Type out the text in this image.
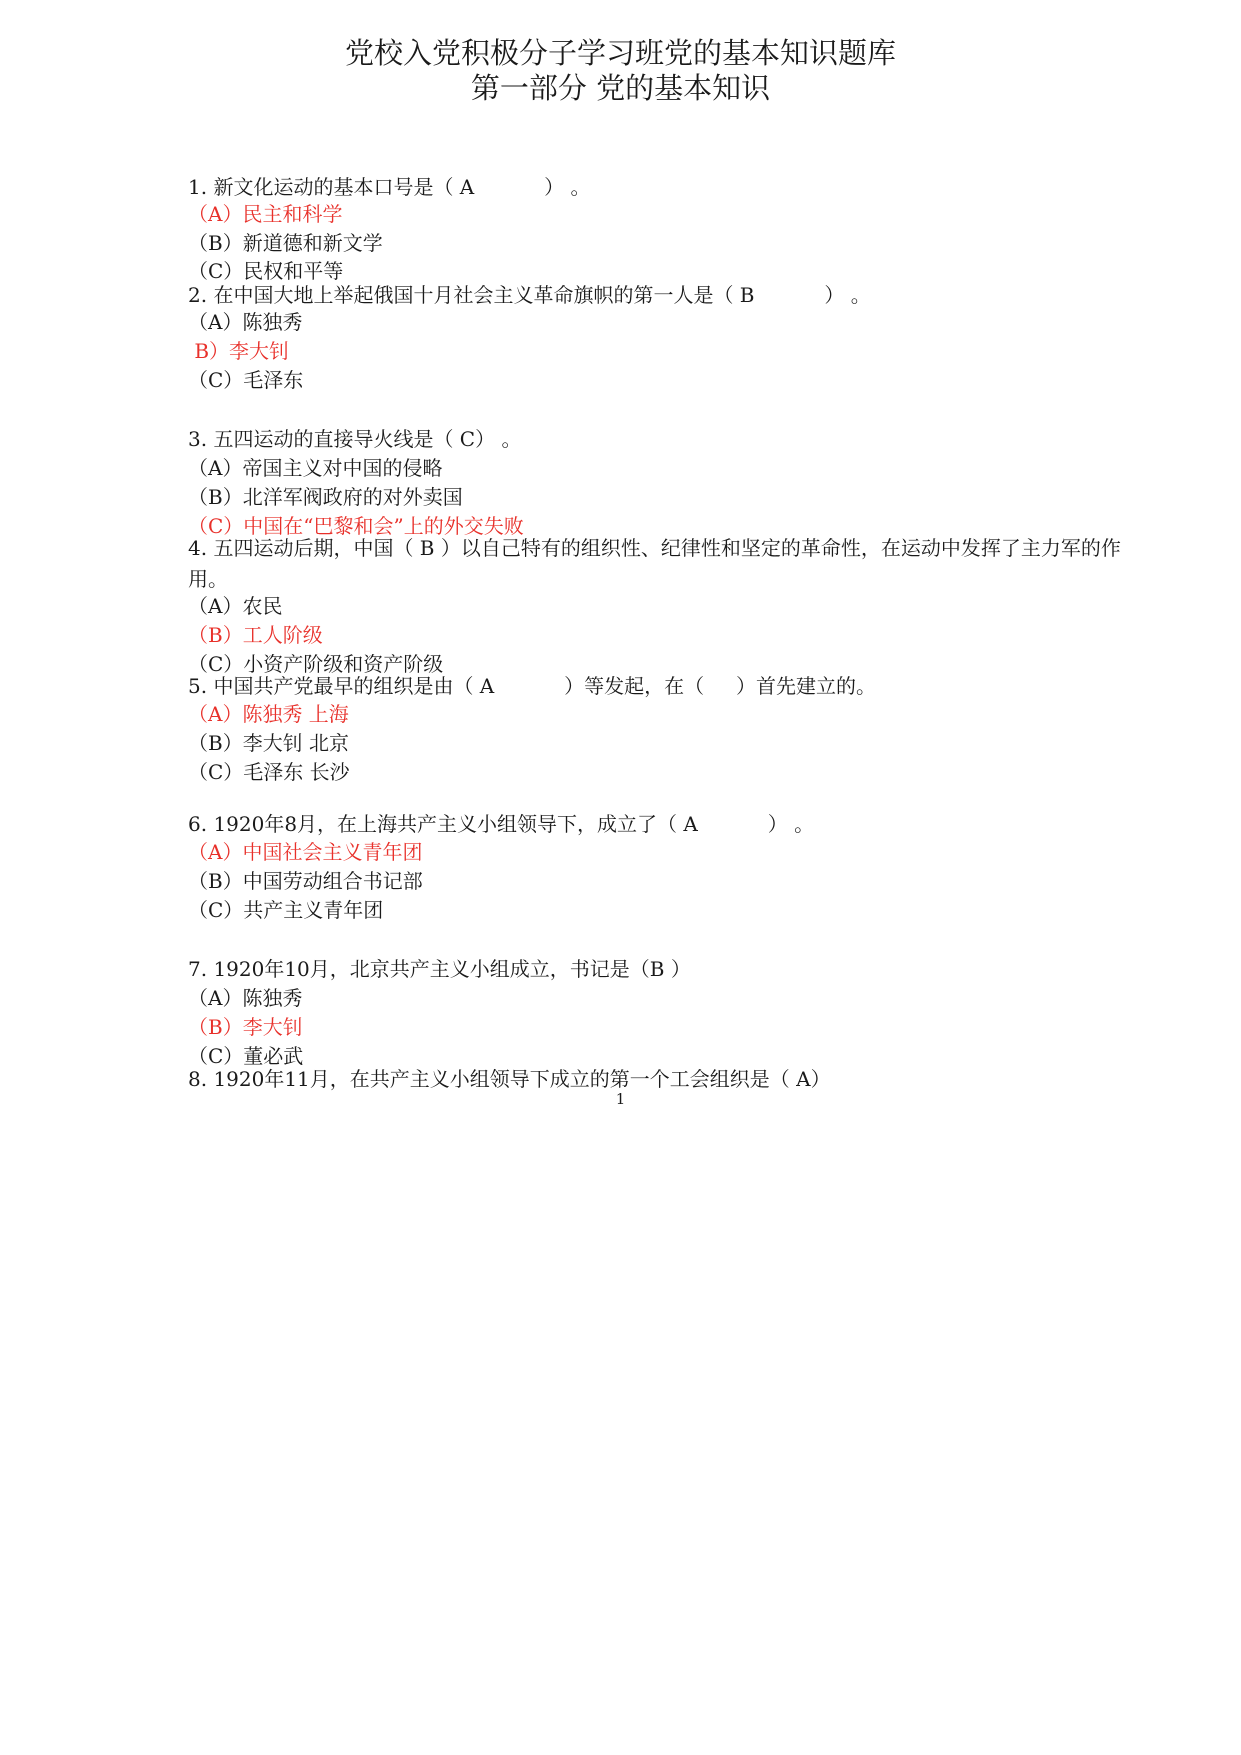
党校入党积极分子学习班党的基本知识题库
第一部分 党的基本知识
1. 新文化运动的基本口号是（ A           ） 。
（A）民主和科学
（B）新道德和新文学
（C）民权和平等
2. 在中国大地上举起俄国十月社会主义革命旗帜的第一人是（ B           ） 。
（A）陈独秀
B）李大钊
（C）毛泽东
3. 五四运动的直接导火线是（ C） 。
（A）帝国主义对中国的侵略
（B）北洋军阀政府的对外卖国
（C）中国在“巴黎和会”上的外交失败
4. 五四运动后期，中国（ B ）以自己特有的组织性、纪律性和坚定的革命性，在运动中发挥了主力军的作用。
（A）农民
（B）工人阶级
（C）小资产阶级和资产阶级
5. 中国共产党最早的组织是由（ A           ）等发起，在（     ）首先建立的。
（A）陈独秀 上海
（B）李大钊 北京
（C）毛泽东 长沙
6. 1920年8月，在上海共产主义小组领导下，成立了（ A           ） 。
（A）中国社会主义青年团
（B）中国劳动组合书记部
（C）共产主义青年团
7. 1920年10月，北京共产主义小组成立，书记是（B ）
（A）陈独秀
（B）李大钊
（C）董必武
8. 1920年11月，在共产主义小组领导下成立的第一个工会组织是（ A）
1
